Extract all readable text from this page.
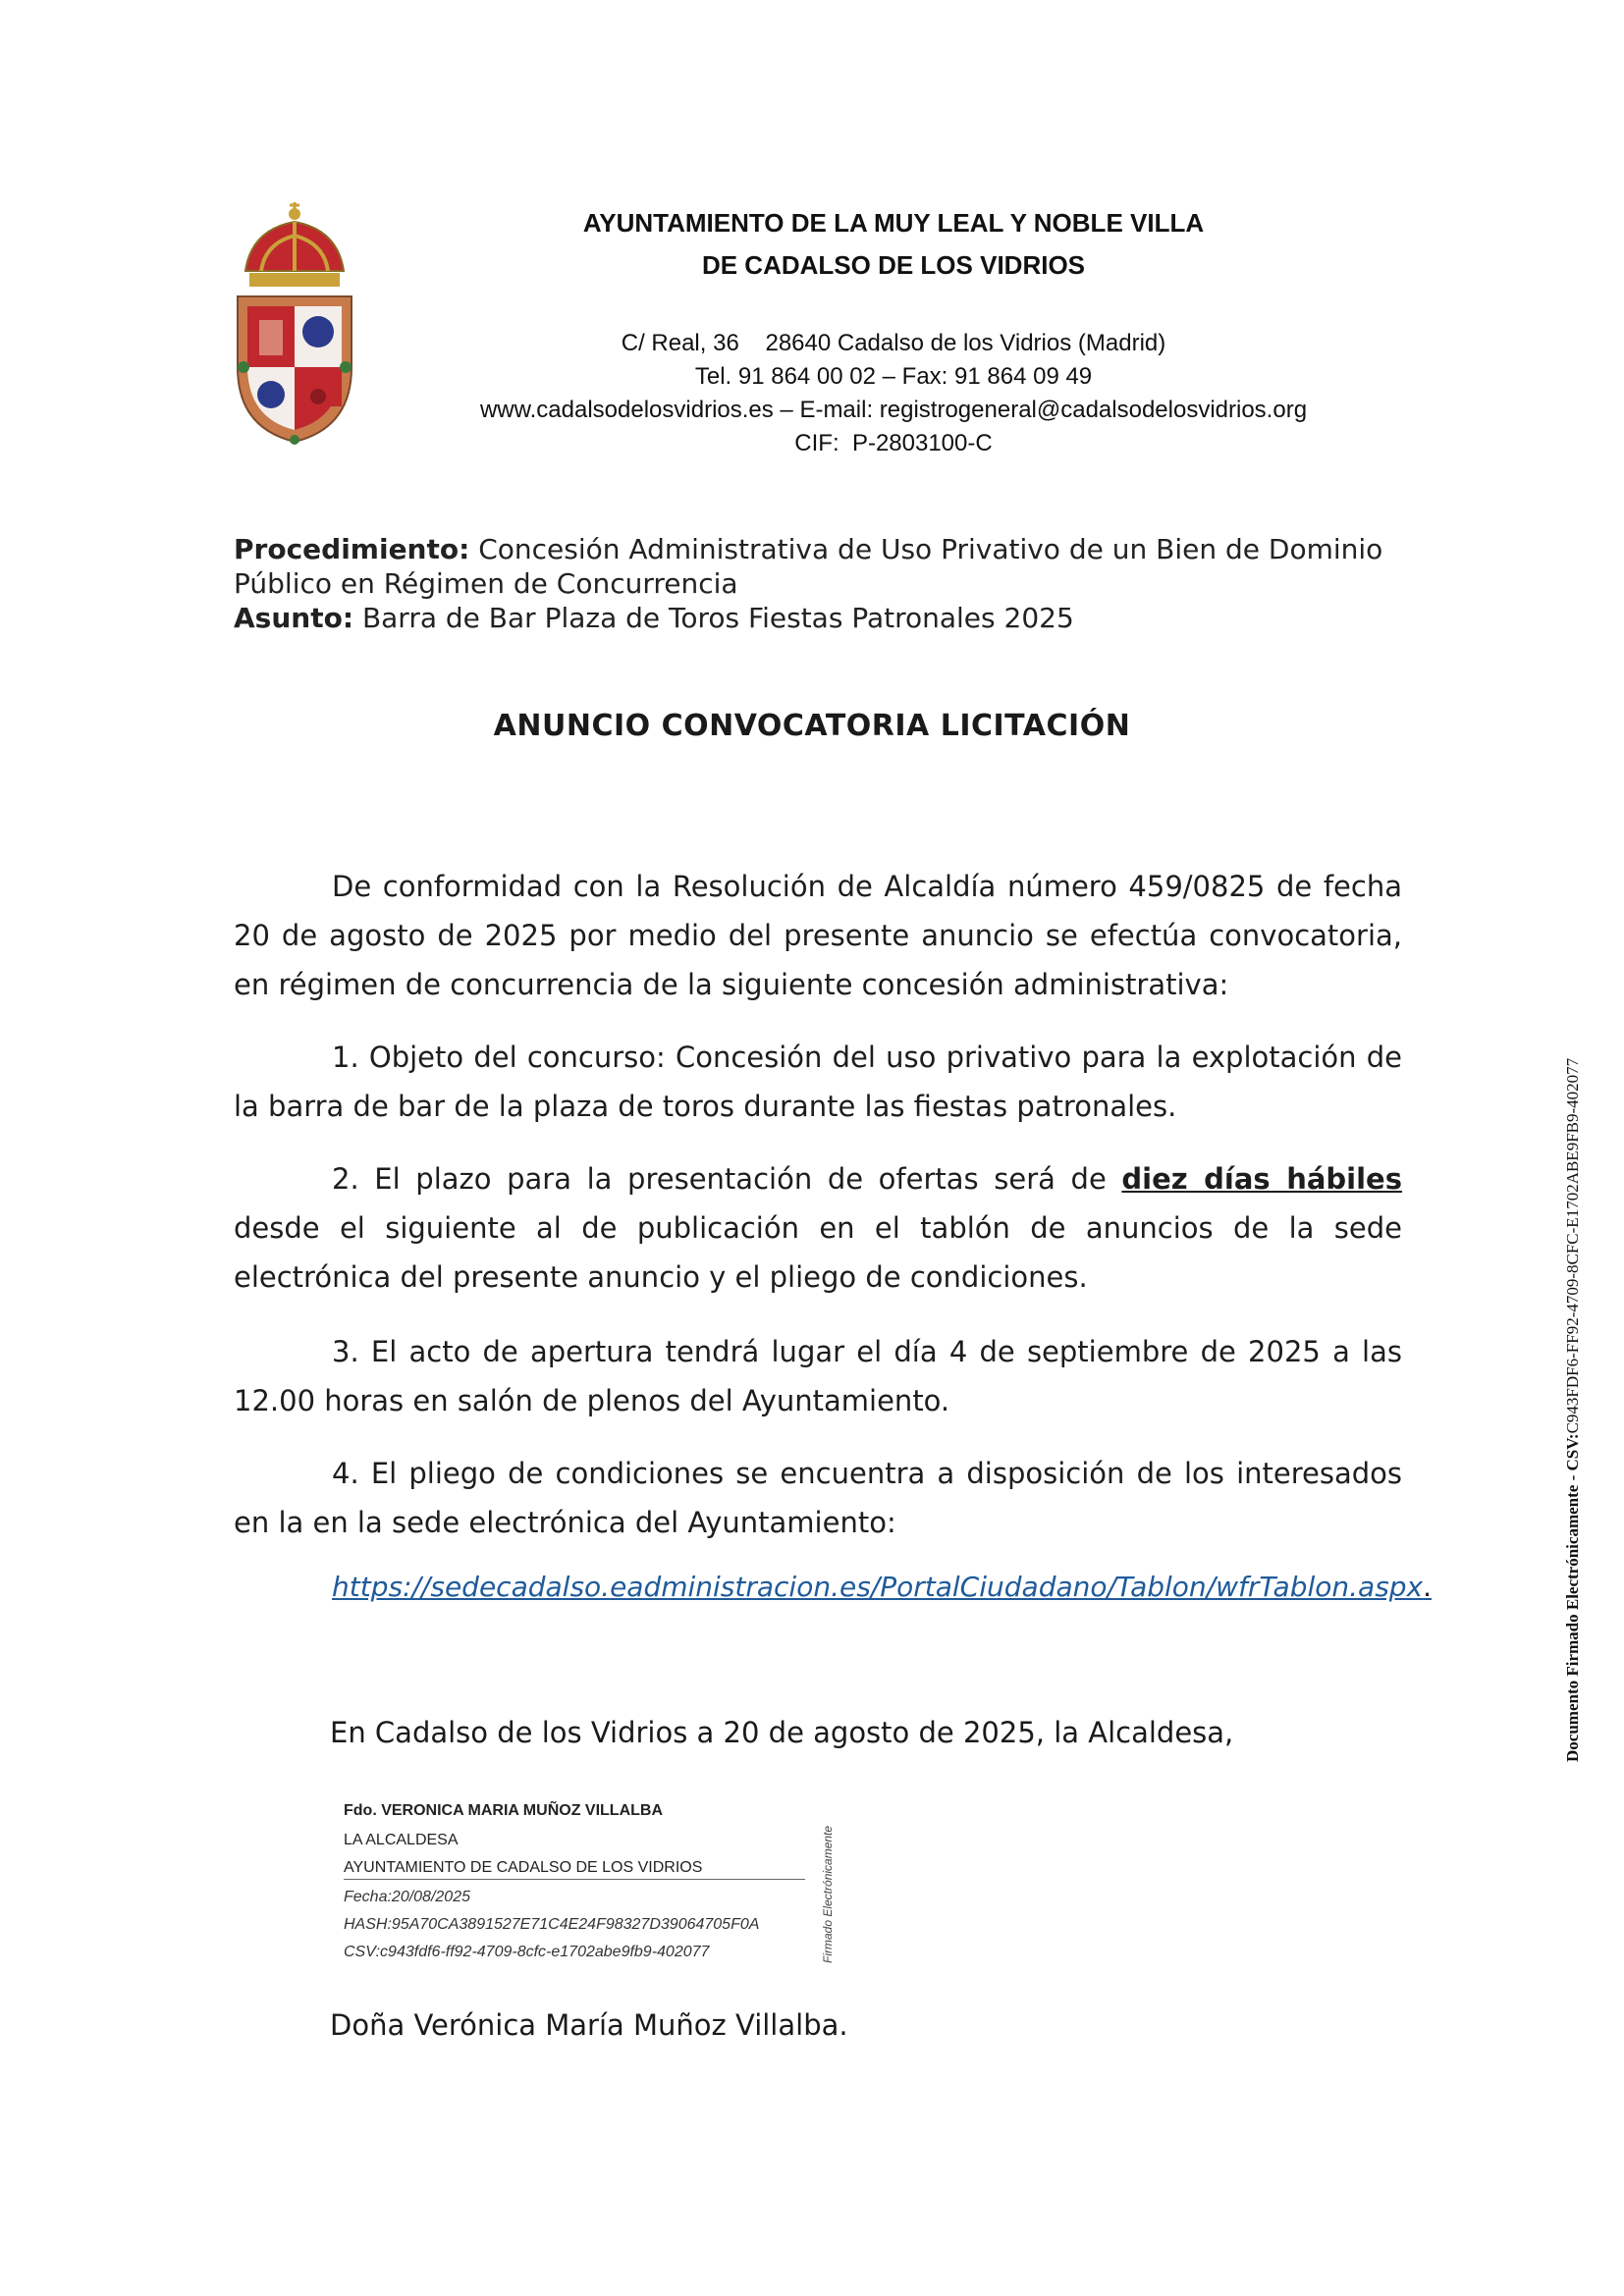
AYUNTAMIENTO DE LA MUY LEAL Y NOBLE VILLA
DE CADALSO DE LOS VIDRIOS
C/ Real, 36    28640 Cadalso de los Vidrios (Madrid)
Tel. 91 864 00 02 – Fax: 91 864 09 49
www.cadalsodelosvidrios.es – E-mail: registrogeneral@cadalsodelosvidrios.org
CIF:  P-2803100-C
Procedimiento: Concesión Administrativa de Uso Privativo de un Bien de Dominio
Público en Régimen de Concurrencia
Asunto: Barra de Bar Plaza de Toros Fiestas Patronales 2025
ANUNCIO CONVOCATORIA LICITACIÓN
De conformidad con la Resolución de Alcaldía número 459/0825 de fecha 20 de agosto de 2025 por medio del presente anuncio se efectúa convocatoria, en régimen de concurrencia de la siguiente concesión administrativa:
1. Objeto del concurso: Concesión del uso privativo para la explotación de la barra de bar de la plaza de toros durante las fiestas patronales.
2. El plazo para la presentación de ofertas será de diez días hábiles desde el siguiente al de publicación en el tablón de anuncios de la sede electrónica del presente anuncio y el pliego de condiciones.
3. El acto de apertura tendrá lugar el día 4 de septiembre de 2025 a las 12.00 horas en salón de plenos del Ayuntamiento.
4. El pliego de condiciones se encuentra a disposición de los interesados en la en la sede electrónica del Ayuntamiento:
https://sedecadalso.eadministracion.es/PortalCiudadano/Tablon/wfrTablon.aspx.
En Cadalso de los Vidrios a 20 de agosto de 2025, la Alcaldesa,
Fdo. VERONICA MARIA MUÑOZ VILLALBA
LA ALCALDESA
AYUNTAMIENTO DE CADALSO DE LOS VIDRIOS
Fecha:20/08/2025
HASH:95A70CA3891527E71C4E24F98327D39064705F0A
CSV:c943fdf6-ff92-4709-8cfc-e1702abe9fb9-402077	Firmado Electrónicamente
Doña Verónica María Muñoz Villalba.
Documento Firmado Electrónicamente - CSV:C943FDF6-FF92-4709-8CFC-E1702ABE9FB9-402077
